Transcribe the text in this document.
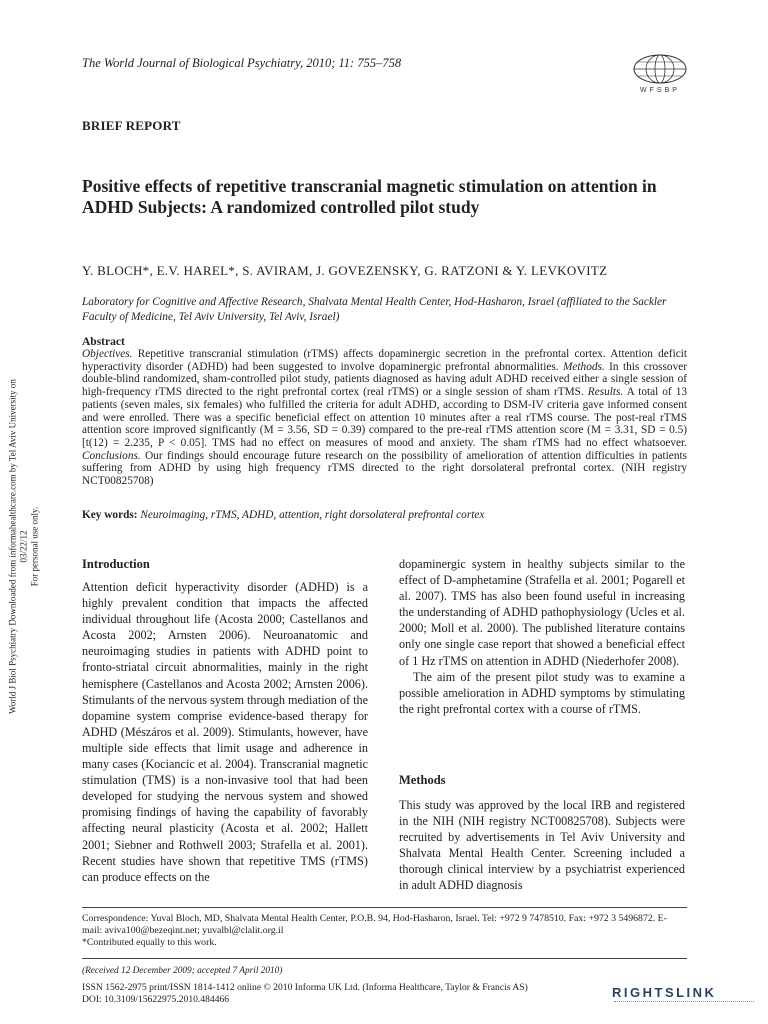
The World Journal of Biological Psychiatry, 2010; 11: 755–758
WFSBP
BRIEF REPORT
Positive effects of repetitive transcranial magnetic stimulation on attention in ADHD Subjects: A randomized controlled pilot study
Y. BLOCH*, E.V. HAREL*, S. AVIRAM, J. GOVEZENSKY, G. RATZONI & Y. LEVKOVITZ
Laboratory for Cognitive and Affective Research, Shalvata Mental Health Center, Hod-Hasharon, Israel (affiliated to the Sackler Faculty of Medicine, Tel Aviv University, Tel Aviv, Israel)
Abstract
Objectives. Repetitive transcranial stimulation (rTMS) affects dopaminergic secretion in the prefrontal cortex. Attention deficit hyperactivity disorder (ADHD) had been suggested to involve dopaminergic prefrontal abnormalities. Methods. In this crossover double-blind randomized, sham-controlled pilot study, patients diagnosed as having adult ADHD received either a single session of high-frequency rTMS directed to the right prefrontal cortex (real rTMS) or a single session of sham rTMS. Results. A total of 13 patients (seven males, six females) who fulfilled the criteria for adult ADHD, according to DSM-IV criteria gave informed consent and were enrolled. There was a specific beneficial effect on attention 10 minutes after a real rTMS course. The post-real rTMS attention score improved significantly (M = 3.56, SD = 0.39) compared to the pre-real rTMS attention score (M = 3.31, SD = 0.5) [t(12) = 2.235, P < 0.05]. TMS had no effect on measures of mood and anxiety. The sham rTMS had no effect whatsoever. Conclusions. Our findings should encourage future research on the possibility of amelioration of attention difficulties in patients suffering from ADHD by using high frequency rTMS directed to the right dorsolateral prefrontal cortex. (NIH registry NCT00825708)
Key words: Neuroimaging, rTMS, ADHD, attention, right dorsolateral prefrontal cortex
Introduction

Attention deficit hyperactivity disorder (ADHD) is a highly prevalent condition that impacts the affected individual throughout life (Acosta 2000; Castellanos and Acosta 2002; Arnsten 2006). Neuroanatomic and neuroimaging studies in patients with ADHD point to fronto-striatal circuit abnormalities, mainly in the right hemisphere (Castellanos and Acosta 2002; Arnsten 2006). Stimulants of the nervous system through mediation of the dopamine system comprise evidence-based therapy for ADHD (Mészáros et al. 2009). Stimulants, however, have multiple side effects that limit usage and adherence in many cases (Kociancic et al. 2004). Transcranial magnetic stimulation (TMS) is a non-invasive tool that had been developed for studying the nervous system and showed promising findings of having the capability of favorably affecting neural plasticity (Acosta et al. 2002; Hallett 2001; Siebner and Rothwell 2003; Strafella et al. 2001). Recent studies have shown that repetitive TMS (rTMS) can produce effects on the

dopaminergic system in healthy subjects similar to the effect of D-amphetamine (Strafella et al. 2001; Pogarell et al. 2007). TMS has also been found useful in increasing the understanding of ADHD pathophysiology (Ucles et al. 2000; Moll et al. 2000). The published literature contains only one single case report that showed a beneficial effect of 1 Hz rTMS on attention in ADHD (Niederhofer 2008).

The aim of the present pilot study was to examine a possible amelioration in ADHD symptoms by stimulating the right prefrontal cortex with a course of rTMS.

Methods

This study was approved by the local IRB and registered in the NIH (NIH registry NCT00825708). Subjects were recruited by advertisements in Tel Aviv University and Shalvata Mental Health Center. Screening included a thorough clinical interview by a psychiatrist experienced in adult ADHD diagnosis

Correspondence: Yuval Bloch, MD, Shalvata Mental Health Center, P.O.B. 94, Hod-Hasharon, Israel. Tel: +972 9 7478510. Fax: +972 3 5496872. E-mail: aviva100@bezeqint.net; yuvalbl@clalit.org.il
*Contributed equally to this work.
(Received 12 December 2009; accepted 7 April 2010)
ISSN 1562-2975 print/ISSN 1814-1412 online © 2010 Informa UK Ltd. (Informa Healthcare, Taylor & Francis AS)
DOI: 10.3109/15622975.2010.484466
World J Biol Psychiatry Downloaded from informahealthcare.com by Tel Aviv University on 03/22/12 For personal use only.
RIGHTSLINK
